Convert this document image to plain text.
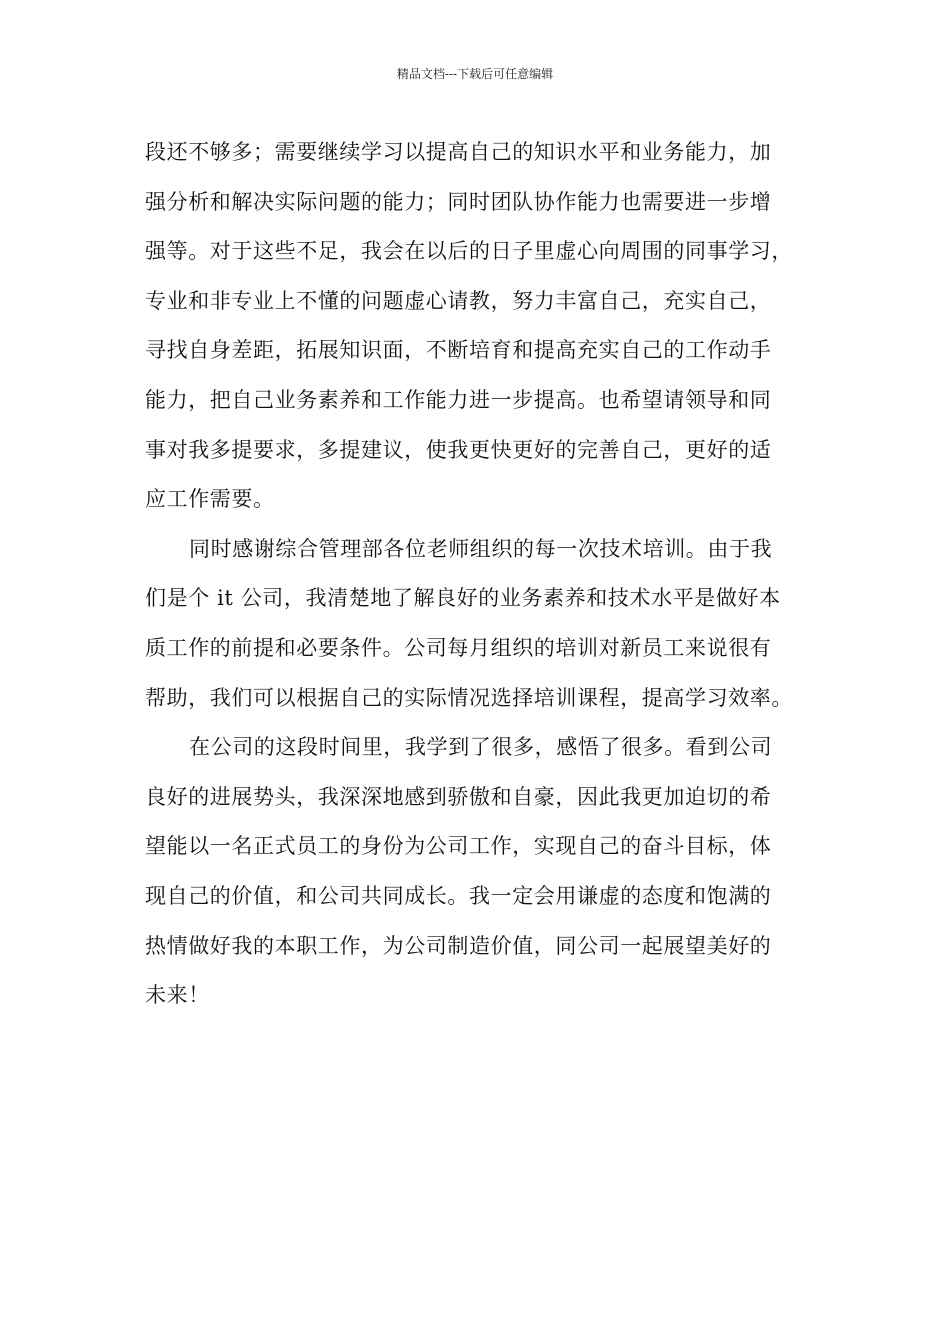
精品文档---下载后可任意编辑
段还不够多；需要继续学习以提高自己的知识水平和业务能力，加
强分析和解决实际问题的能力；同时团队协作能力也需要进一步增
强等。对于这些不足，我会在以后的日子里虚心向周围的同事学习，
专业和非专业上不懂的问题虚心请教，努力丰富自己，充实自己，
寻找自身差距，拓展知识面，不断培育和提高充实自己的工作动手
能力，把自己业务素养和工作能力进一步提高。也希望请领导和同
事对我多提要求，多提建议，使我更快更好的完善自己，更好的适
应工作需要。
同时感谢综合管理部各位老师组织的每一次技术培训。由于我
们是个 it 公司，我清楚地了解良好的业务素养和技术水平是做好本
质工作的前提和必要条件。公司每月组织的培训对新员工来说很有
帮助，我们可以根据自己的实际情况选择培训课程，提高学习效率。
在公司的这段时间里，我学到了很多，感悟了很多。看到公司
良好的进展势头，我深深地感到骄傲和自豪，因此我更加迫切的希
望能以一名正式员工的身份为公司工作，实现自己的奋斗目标，体
现自己的价值，和公司共同成长。我一定会用谦虚的态度和饱满的
热情做好我的本职工作，为公司制造价值，同公司一起展望美好的
未来！
